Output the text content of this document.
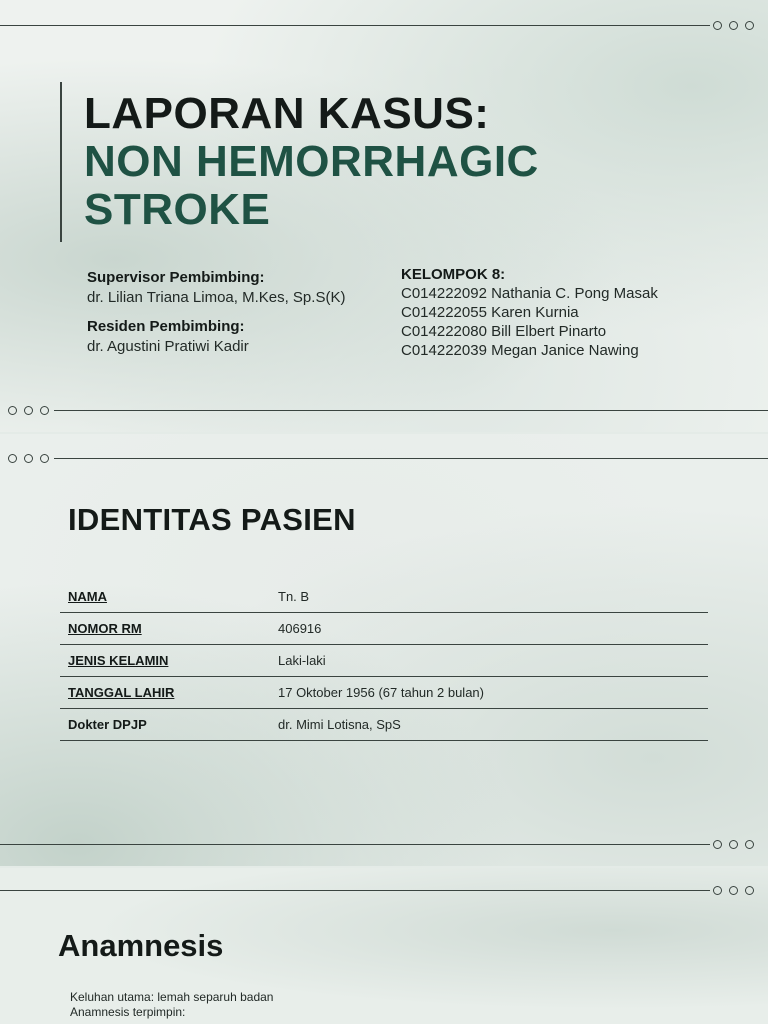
LAPORAN KASUS:
NON HEMORRHAGIC STROKE
Supervisor Pembimbing:
dr. Lilian Triana Limoa, M.Kes, Sp.S(K)
Residen Pembimbing:
dr. Agustini Pratiwi Kadir
KELOMPOK 8:
C014222092 Nathania C. Pong Masak
C014222055 Karen Kurnia
C014222080 Bill Elbert Pinarto
C014222039 Megan Janice Nawing
IDENTITAS PASIEN
NAMA	Tn. B
NOMOR RM	406916
JENIS KELAMIN	Laki-laki
TANGGAL LAHIR	17 Oktober 1956 (67 tahun 2 bulan)
Dokter DPJP	dr. Mimi Lotisna, SpS
Anamnesis
Keluhan utama: lemah separuh badan
Anamnesis terpimpin:
